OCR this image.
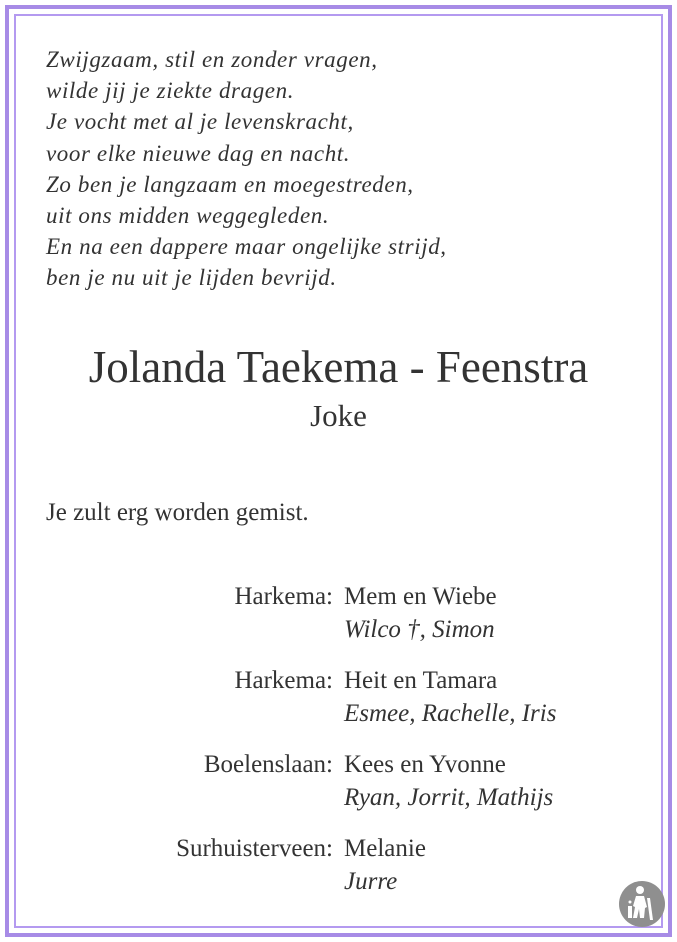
Zwijgzaam, stil en zonder vragen,
wilde jij je ziekte dragen.
Je vocht met al je levenskracht,
voor elke nieuwe dag en nacht.
Zo ben je langzaam en moegestreden,
uit ons midden weggegleden.
En na een dappere maar ongelijke strijd,
ben je nu uit je lijden bevrijd.
Jolanda Taekema - Feenstra
Joke
Je zult erg worden gemist.
Harkema: Mem en Wiebe
Wilco †, Simon
Harkema: Heit en Tamara
Esmee, Rachelle, Iris
Boelenslaan: Kees en Yvonne
Ryan, Jorrit, Mathijs
Surhuisterveen: Melanie
Jurre
